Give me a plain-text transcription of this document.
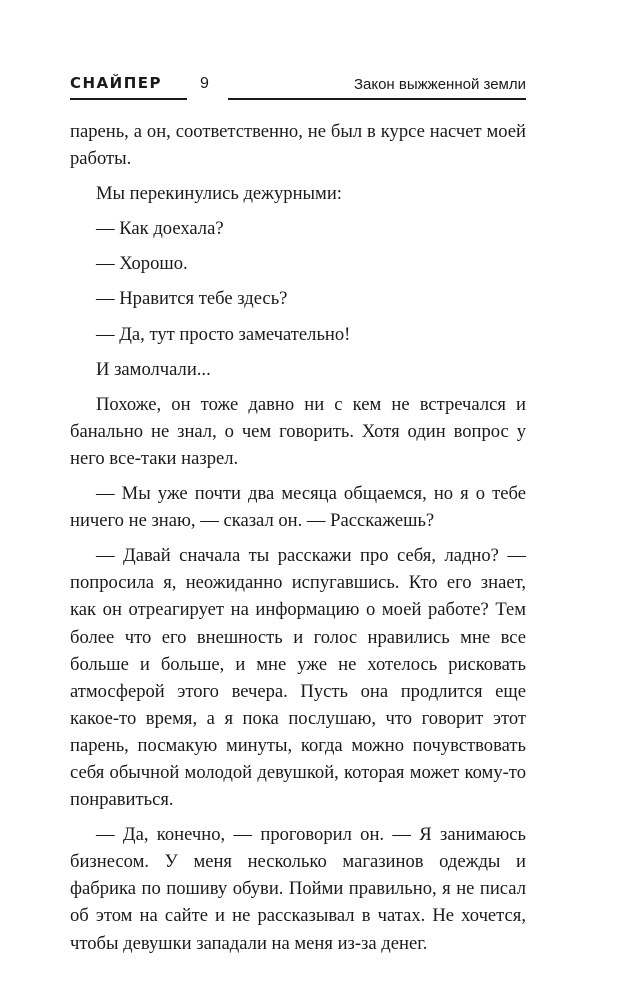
СНАЙПЕР 9	Закон выжженной земли

парень, а он, соответственно, не был в курсе насчет моей работы.

Мы перекинулись дежурными:

— Как доехала?

— Хорошо.

— Нравится тебе здесь?

— Да, тут просто замечательно!

И замолчали...

Похоже, он тоже давно ни с кем не встречался и банально не знал, о чем говорить. Хотя один вопрос у него все-таки назрел.

— Мы уже почти два месяца общаемся, но я о тебе ничего не знаю, — сказал он. — Расскажешь?

— Давай сначала ты расскажи про себя, ладно? — попросила я, неожиданно испугавшись. Кто его знает, как он отреагирует на информацию о моей работе? Тем более что его внешность и голос нравились мне все больше и больше, и мне уже не хотелось рисковать атмосферой этого вечера. Пусть она продлится еще какое-то время, а я пока послушаю, что говорит этот парень, посмакую минуты, когда можно почувствовать себя обычной молодой девушкой, которая может кому-то понравиться.

— Да, конечно, — проговорил он. — Я занимаюсь бизнесом. У меня несколько магазинов одежды и фабрика по пошиву обуви. Пойми правильно, я не писал об этом на сайте и не рассказывал в чатах. Не хочется, чтобы девушки западали на меня из-за денег.
